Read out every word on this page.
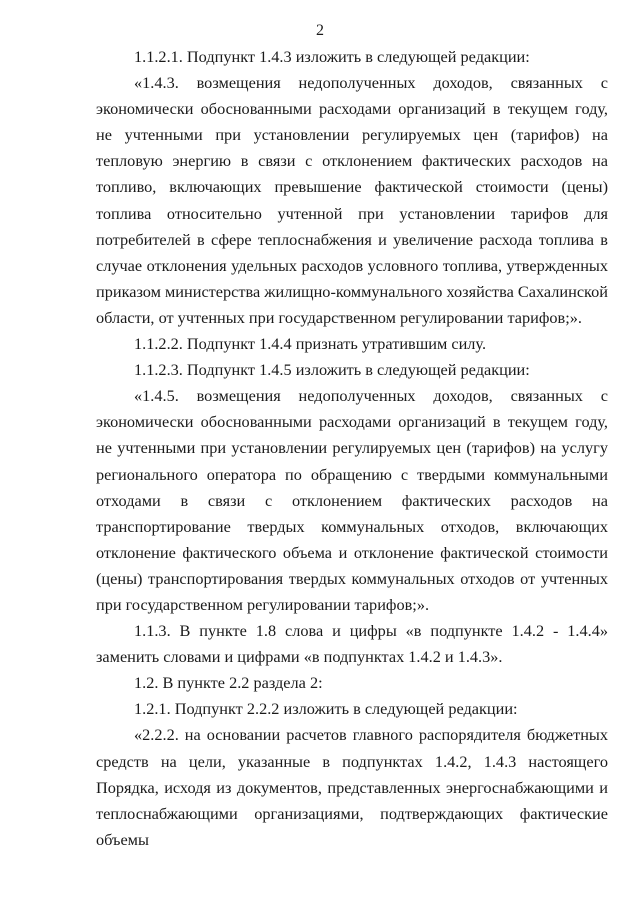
2

1.1.2.1. Подпункт 1.4.3 изложить в следующей редакции:

«1.4.3. возмещения недополученных доходов, связанных с экономически обоснованными расходами организаций в текущем году, не учтенными при установлении регулируемых цен (тарифов) на тепловую энергию в связи с отклонением фактических расходов на топливо, включающих превышение фактической стоимости (цены) топлива относительно учтенной при установлении тарифов для потребителей в сфере теплоснабжения и увеличение расхода топлива в случае отклонения удельных расходов условного топлива, утвержденных приказом министерства жилищно-коммунального хозяйства Сахалинской области, от учтенных при государственном регулировании тарифов;».

1.1.2.2. Подпункт 1.4.4 признать утратившим силу.

1.1.2.3. Подпункт 1.4.5 изложить в следующей редакции:

«1.4.5. возмещения недополученных доходов, связанных с экономически обоснованными расходами организаций в текущем году, не учтенными при установлении регулируемых цен (тарифов) на услугу регионального оператора по обращению с твердыми коммунальными отходами в связи с отклонением фактических расходов на транспортирование твердых коммунальных отходов, включающих отклонение фактического объема и отклонение фактической стоимости (цены) транспортирования твердых коммунальных отходов от учтенных при государственном регулировании тарифов;».

1.1.3. В пункте 1.8 слова и цифры «в подпункте 1.4.2 - 1.4.4» заменить словами и цифрами «в подпунктах 1.4.2 и 1.4.3».

1.2. В пункте 2.2 раздела 2:

1.2.1. Подпункт 2.2.2 изложить в следующей редакции:

«2.2.2. на основании расчетов главного распорядителя бюджетных средств на цели, указанные в подпунктах 1.4.2, 1.4.3 настоящего Порядка, исходя из документов, представленных энергоснабжающими и теплоснабжающими организациями, подтверждающих фактические объемы
